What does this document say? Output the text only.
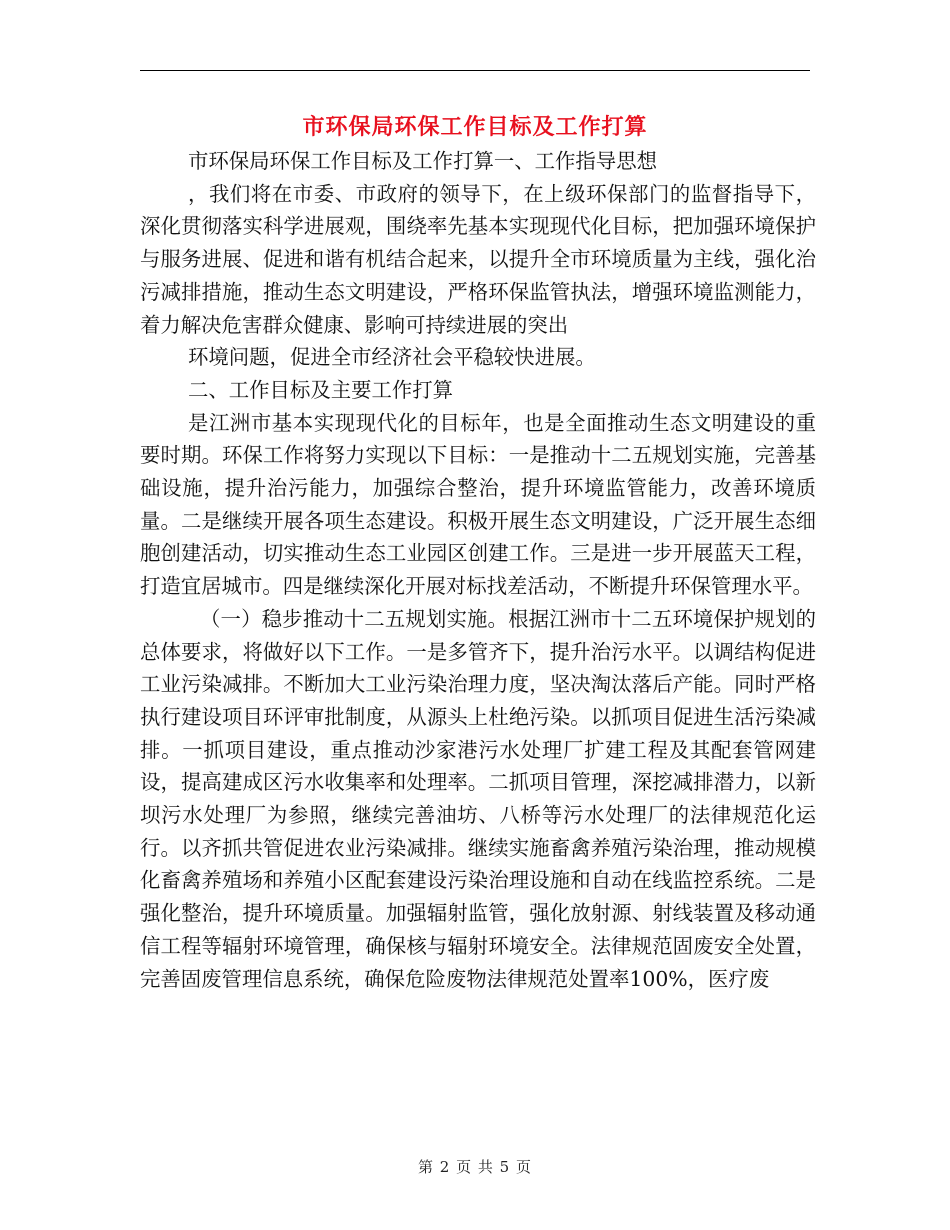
市环保局环保工作目标及工作打算

市环保局环保工作目标及工作打算一、工作指导思想

，我们将在市委、市政府的领导下，在上级环保部门的监督指导下，深化贯彻落实科学进展观，围绕率先基本实现现代化目标，把加强环境保护与服务进展、促进和谐有机结合起来，以提升全市环境质量为主线，强化治污减排措施，推动生态文明建设，严格环保监管执法，增强环境监测能力，着力解决危害群众健康、影响可持续进展的突出

环境问题，促进全市经济社会平稳较快进展。

二、工作目标及主要工作打算

是江洲市基本实现现代化的目标年，也是全面推动生态文明建设的重要时期。环保工作将努力实现以下目标：一是推动十二五规划实施，完善基础设施，提升治污能力，加强综合整治，提升环境监管能力，改善环境质量。二是继续开展各项生态建设。积极开展生态文明建设，广泛开展生态细胞创建活动，切实推动生态工业园区创建工作。三是进一步开展蓝天工程，打造宜居城市。四是继续深化开展对标找差活动，不断提升环保管理水平。

（一）稳步推动十二五规划实施。根据江洲市十二五环境保护规划的总体要求，将做好以下工作。一是多管齐下，提升治污水平。以调结构促进工业污染减排。不断加大工业污染治理力度，坚决淘汰落后产能。同时严格执行建设项目环评审批制度，从源头上杜绝污染。以抓项目促进生活污染减排。一抓项目建设，重点推动沙家港污水处理厂扩建工程及其配套管网建设，提高建成区污水收集率和处理率。二抓项目管理，深挖减排潜力，以新坝污水处理厂为参照，继续完善油坊、八桥等污水处理厂的法律规范化运行。以齐抓共管促进农业污染减排。继续实施畜禽养殖污染治理，推动规模化畜禽养殖场和养殖小区配套建设污染治理设施和自动在线监控系统。二是强化整治，提升环境质量。加强辐射监管，强化放射源、射线装置及移动通信工程等辐射环境管理，确保核与辐射环境安全。法律规范固废安全处置，完善固废管理信息系统，确保危险废物法律规范处置率100%，医疗废

第 2 页 共 5 页
